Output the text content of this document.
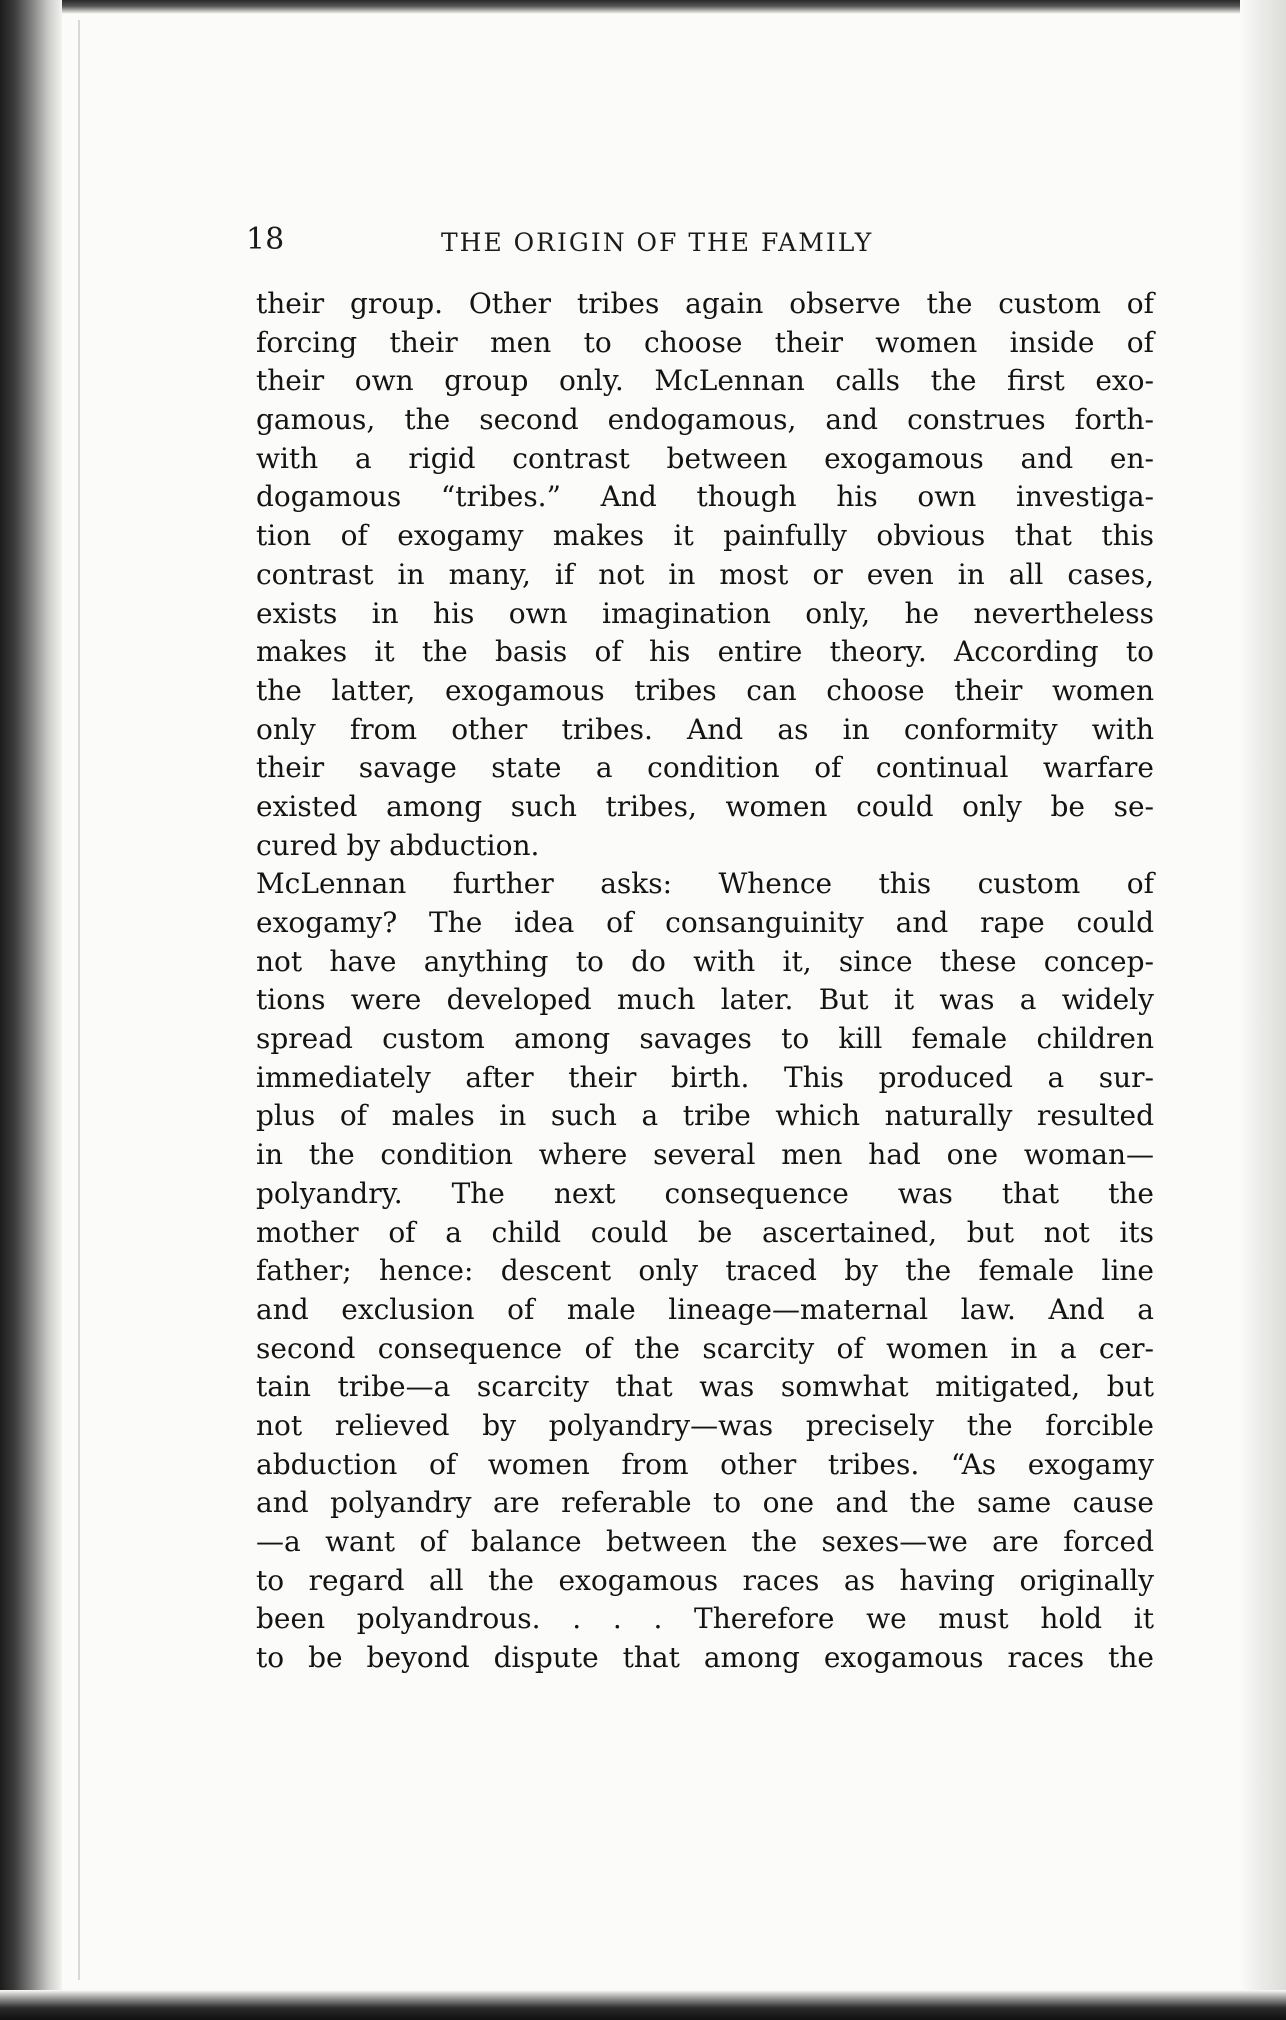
18	THE ORIGIN OF THE FAMILY
their group. Other tribes again observe the custom of
forcing their men to choose their women inside of
their own group only. McLennan calls the first exo-
gamous, the second endogamous, and construes forth-
with a rigid contrast between exogamous and en-
dogamous “tribes.” And though his own investiga-
tion of exogamy makes it painfully obvious that this
contrast in many, if not in most or even in all cases,
exists in his own imagination only, he nevertheless
makes it the basis of his entire theory. According to
the latter, exogamous tribes can choose their women
only from other tribes. And as in conformity with
their savage state a condition of continual warfare
existed among such tribes, women could only be se-
cured by abduction.
McLennan further asks: Whence this custom of
exogamy? The idea of consanguinity and rape could
not have anything to do with it, since these concep-
tions were developed much later. But it was a widely
spread custom among savages to kill female children
immediately after their birth. This produced a sur-
plus of males in such a tribe which naturally resulted
in the condition where several men had one woman—
polyandry. The next consequence was that the
mother of a child could be ascertained, but not its
father; hence: descent only traced by the female line
and exclusion of male lineage—maternal law. And a
second consequence of the scarcity of women in a cer-
tain tribe—a scarcity that was somwhat mitigated, but
not relieved by polyandry—was precisely the forcible
abduction of women from other tribes. “As exogamy
and polyandry are referable to one and the same cause
—a want of balance between the sexes—we are forced
to regard all the exogamous races as having originally
been polyandrous. . . . Therefore we must hold it
to be beyond dispute that among exogamous races the
